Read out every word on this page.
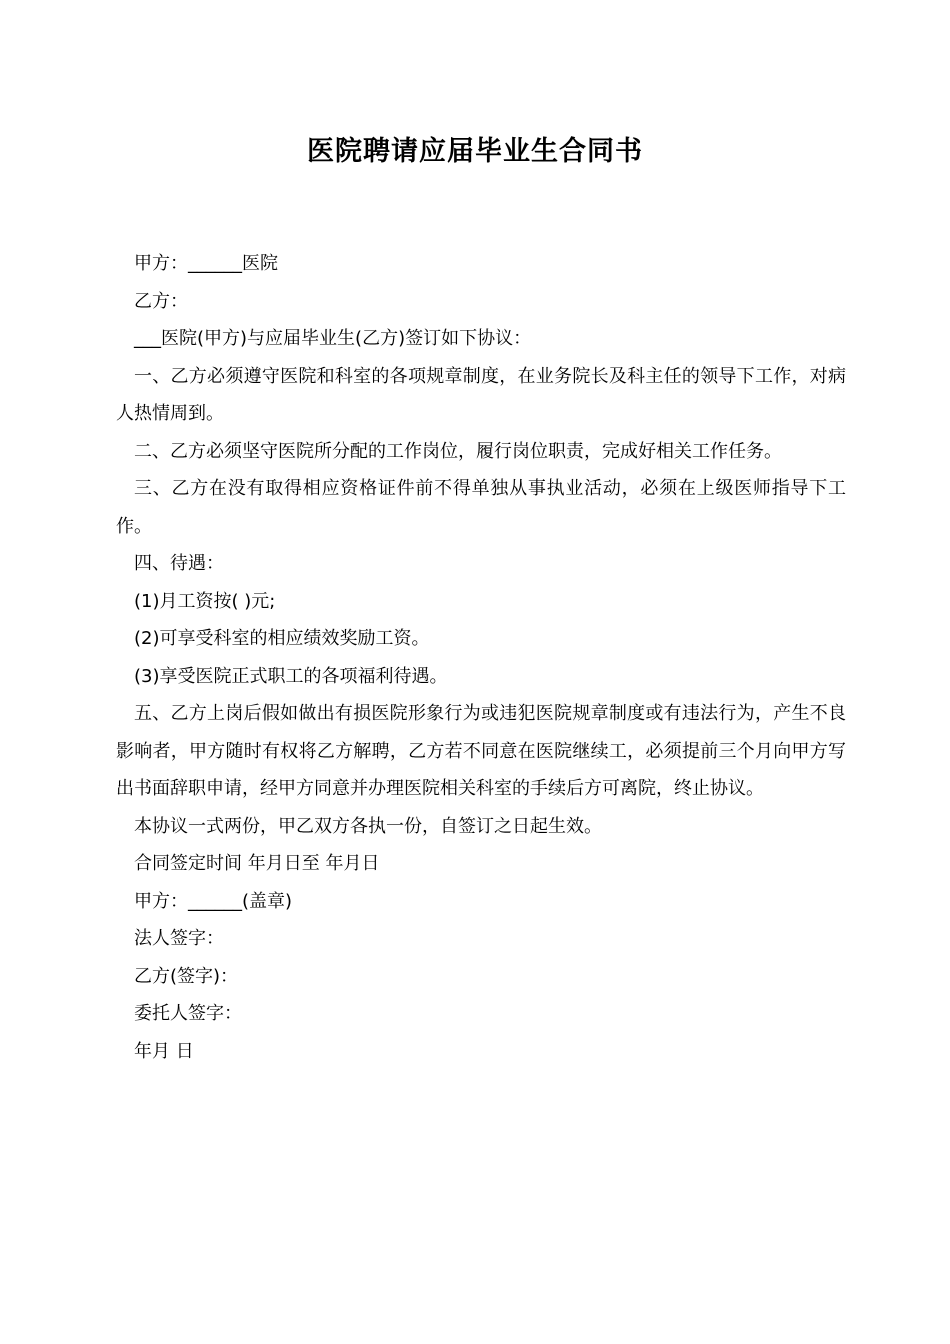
医院聘请应届毕业生合同书

甲方：______医院

乙方：

___医院(甲方)与应届毕业生(乙方)签订如下协议：

一、乙方必须遵守医院和科室的各项规章制度，在业务院长及科主任的领导下工作，对病人热情周到。

二、乙方必须坚守医院所分配的工作岗位，履行岗位职责，完成好相关工作任务。

三、乙方在没有取得相应资格证件前不得单独从事执业活动，必须在上级医师指导下工作。

四、待遇：

(1)月工资按( )元;

(2)可享受科室的相应绩效奖励工资。

(3)享受医院正式职工的各项福利待遇。

五、乙方上岗后假如做出有损医院形象行为或违犯医院规章制度或有违法行为，产生不良影响者，甲方随时有权将乙方解聘，乙方若不同意在医院继续工，必须提前三个月向甲方写出书面辞职申请，经甲方同意并办理医院相关科室的手续后方可离院，终止协议。

本协议一式两份，甲乙双方各执一份，自签订之日起生效。

合同签定时间 年月日至 年月日

甲方：______(盖章)

法人签字：

乙方(签字)：

委托人签字：

年月 日
